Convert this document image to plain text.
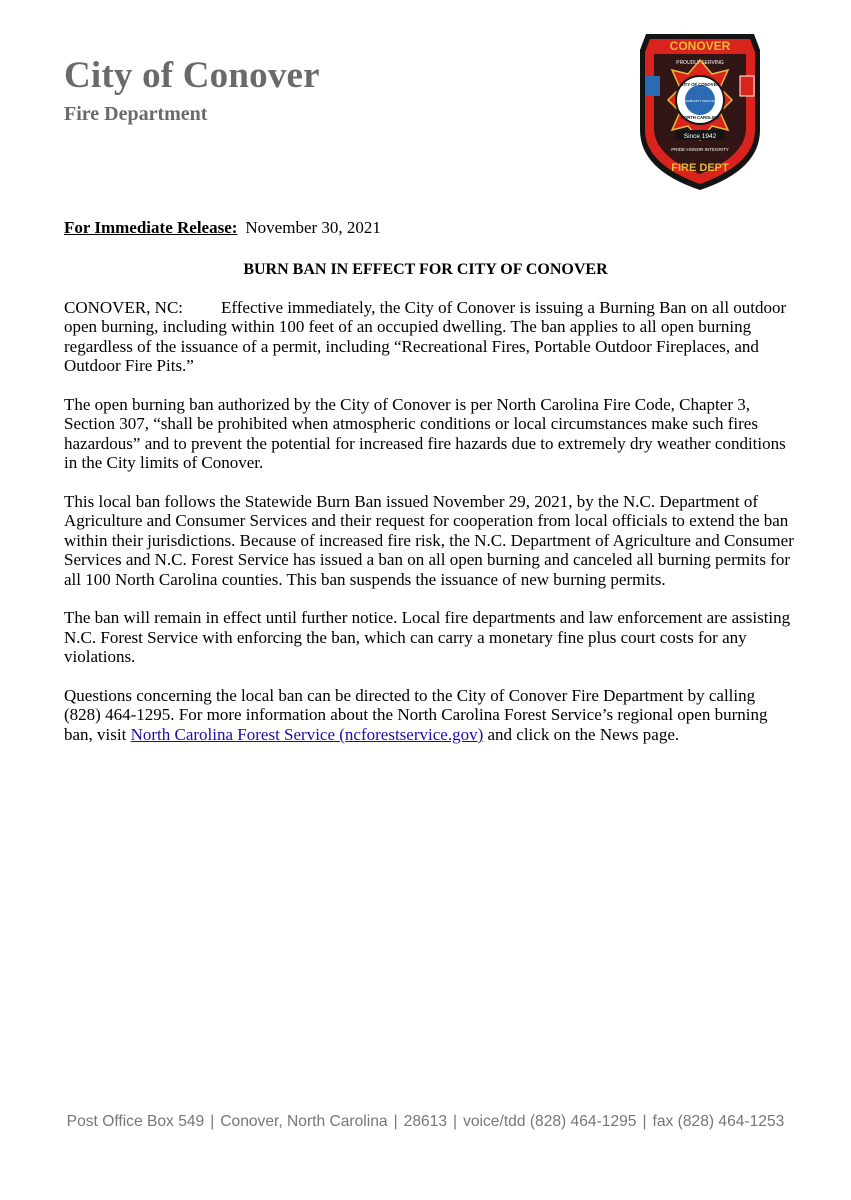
City of Conover
Fire Department
CONOVER
PROUDLY SERVING
CITY OF CONOVER
COMMUNITY INDUSTRY
NORTH CAROLINA
Since 1942
PRIDE·HONOR·INTEGRITY
FIRE DEPT
For Immediate Release: November 30, 2021
BURN BAN IN EFFECT FOR CITY OF CONOVER

CONOVER, NC: Effective immediately, the City of Conover is issuing a Burning Ban on all outdoor open burning, including within 100 feet of an occupied dwelling. The ban applies to all open burning regardless of the issuance of a permit, including “Recreational Fires, Portable Outdoor Fireplaces, and Outdoor Fire Pits.”

The open burning ban authorized by the City of Conover is per North Carolina Fire Code, Chapter 3, Section 307, “shall be prohibited when atmospheric conditions or local circumstances make such fires hazardous” and to prevent the potential for increased fire hazards due to extremely dry weather conditions in the City limits of Conover.

This local ban follows the Statewide Burn Ban issued November 29, 2021, by the N.C. Department of Agriculture and Consumer Services and their request for cooperation from local officials to extend the ban within their jurisdictions. Because of increased fire risk, the N.C. Department of Agriculture and Consumer Services and N.C. Forest Service has issued a ban on all open burning and canceled all burning permits for all 100 North Carolina counties. This ban suspends the issuance of new burning permits.

The ban will remain in effect until further notice. Local fire departments and law enforcement are assisting N.C. Forest Service with enforcing the ban, which can carry a monetary fine plus court costs for any violations.

Questions concerning the local ban can be directed to the City of Conover Fire Department by calling (828) 464-1295. For more information about the North Carolina Forest Service’s regional open burning ban, visit North Carolina Forest Service (ncforestservice.gov) and click on the News page.

Post Office Box 549 | Conover, North Carolina | 28613 | voice/tdd (828) 464-1295 | fax (828) 464-1253
